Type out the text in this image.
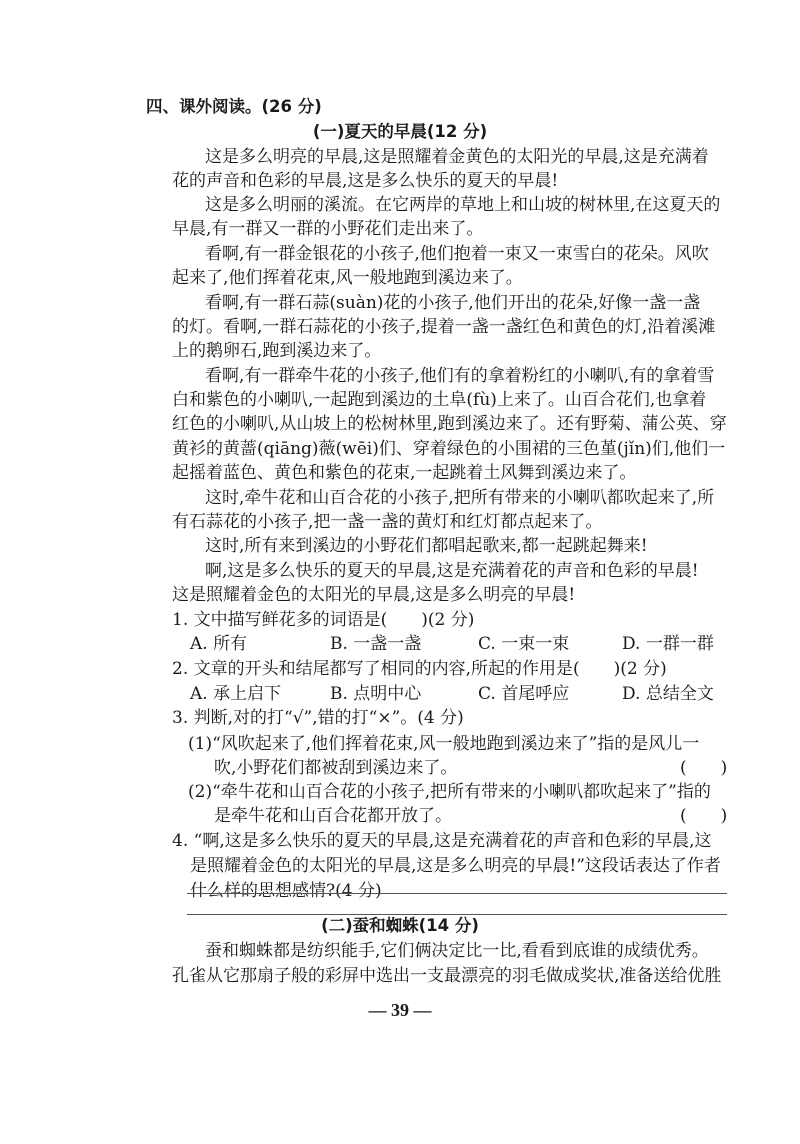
四、课外阅读。(26 分)
(一)夏天的早晨(12 分)
这是多么明亮的早晨,这是照耀着金黄色的太阳光的早晨,这是充满着
花的声音和色彩的早晨,这是多么快乐的夏天的早晨!
这是多么明丽的溪流。在它两岸的草地上和山坡的树林里,在这夏天的
早晨,有一群又一群的小野花们走出来了。
看啊,有一群金银花的小孩子,他们抱着一束又一束雪白的花朵。风吹
起来了,他们挥着花束,风一般地跑到溪边来了。
看啊,有一群石蒜(suàn)花的小孩子,他们开出的花朵,好像一盏一盏
的灯。看啊,一群石蒜花的小孩子,提着一盏一盏红色和黄色的灯,沿着溪滩
上的鹅卵石,跑到溪边来了。
看啊,有一群牵牛花的小孩子,他们有的拿着粉红的小喇叭,有的拿着雪
白和紫色的小喇叭,一起跑到溪边的土阜(fù)上来了。山百合花们,也拿着
红色的小喇叭,从山坡上的松树林里,跑到溪边来了。还有野菊、蒲公英、穿
黄衫的黄蔷(qiāng)薇(wēi)们、穿着绿色的小围裙的三色堇(jǐn)们,他们一
起摇着蓝色、黄色和紫色的花束,一起跳着土风舞到溪边来了。
这时,牵牛花和山百合花的小孩子,把所有带来的小喇叭都吹起来了,所
有石蒜花的小孩子,把一盏一盏的黄灯和红灯都点起来了。
这时,所有来到溪边的小野花们都唱起歌来,都一起跳起舞来!
啊,这是多么快乐的夏天的早晨,这是充满着花的声音和色彩的早晨!
这是照耀着金色的太阳光的早晨,这是多么明亮的早晨!
1. 文中描写鲜花多的词语是(　　)(2 分)
A. 所有	B. 一盏一盏	C. 一束一束	D. 一群一群
2. 文章的开头和结尾都写了相同的内容,所起的作用是(　　)(2 分)
A. 承上启下	B. 点明中心	C. 首尾呼应	D. 总结全文
3. 判断,对的打“√”,错的打“×”。(4 分)
(1)“风吹起来了,他们挥着花束,风一般地跑到溪边来了”指的是风儿一
吹,小野花们都被刮到溪边来了。	(　　)
(2)“牵牛花和山百合花的小孩子,把所有带来的小喇叭都吹起来了”指的
是牵牛花和山百合花都开放了。	(　　)
4. “啊,这是多么快乐的夏天的早晨,这是充满着花的声音和色彩的早晨,这
是照耀着金色的太阳光的早晨,这是多么明亮的早晨!”这段话表达了作者
什么样的思想感情?(4 分)
(二)蚕和蜘蛛(14 分)
蚕和蜘蛛都是纺织能手,它们俩决定比一比,看看到底谁的成绩优秀。
— 39 —
孔雀从它那扇子般的彩屏中选出一支最漂亮的羽毛做成奖状,准备送给优胜
